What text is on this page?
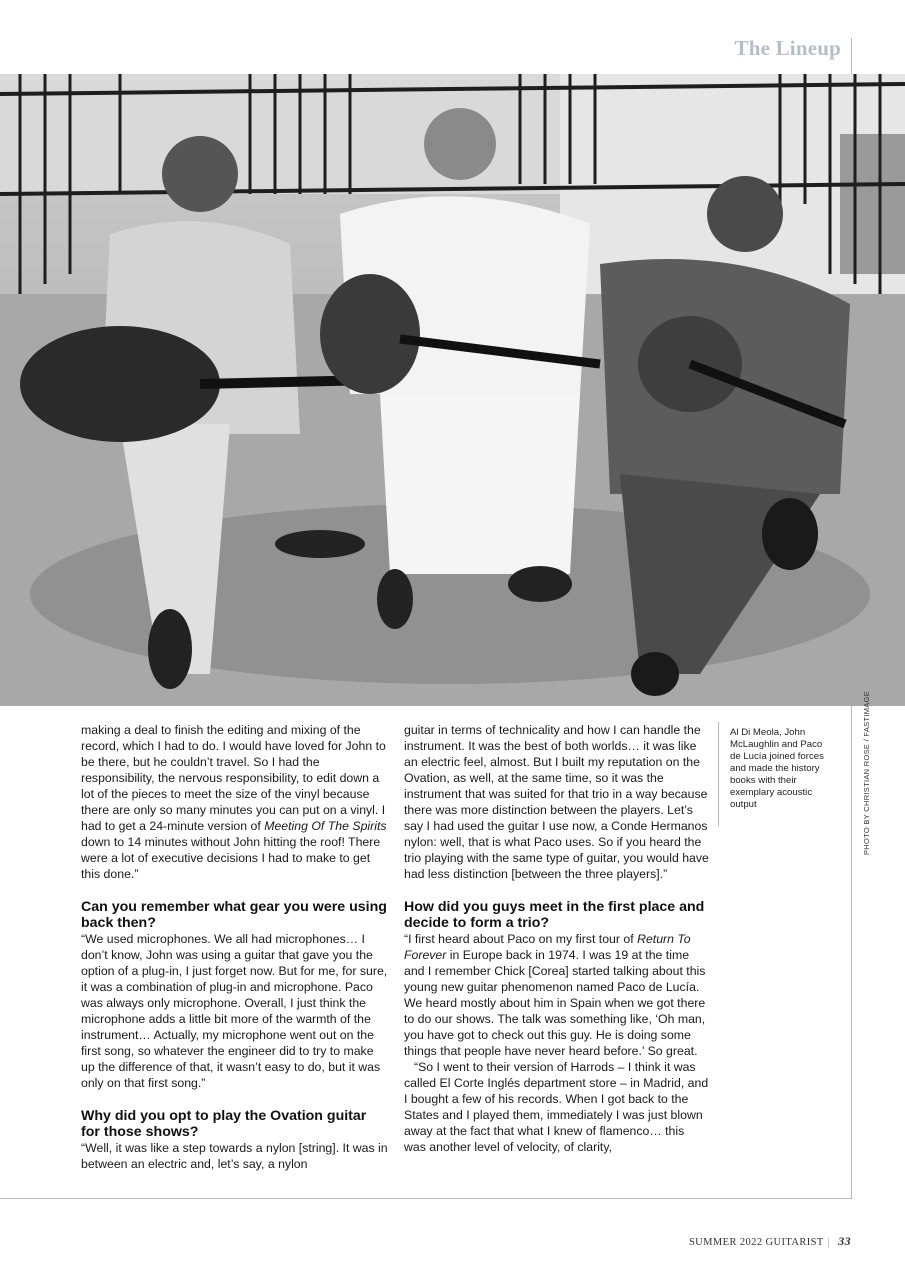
The Lineup
Al Di Meola, John McLaughlin and Paco de Lucía joined forces and made the history books with their exemplary acoustic output	PHOTO BY CHRISTIAN ROSE / FASTIMAGE

making a deal to finish the editing and mixing of the record, which I had to do. I would have loved for John to be there, but he couldn’t travel. So I had the responsibility, the nervous responsibility, to edit down a lot of the pieces to meet the size of the vinyl because there are only so many minutes you can put on a vinyl. I had to get a 24-minute version of Meeting Of The Spirits down to 14 minutes without John hitting the roof! There were a lot of executive decisions I had to make to get this done.”

Can you remember what gear you were using back then?

“We used microphones. We all had microphones… I don’t know, John was using a guitar that gave you the option of a plug-in, I just forget now. But for me, for sure, it was a combination of plug-in and microphone. Paco was always only microphone. Overall, I just think the microphone adds a little bit more of the warmth of the instrument… Actually, my microphone went out on the first song, so whatever the engineer did to try to make up the difference of that, it wasn’t easy to do, but it was only on that first song.”

Why did you opt to play the Ovation guitar for those shows?

“Well, it was like a step towards a nylon [string]. It was in between an electric and, let’s say, a nylon

guitar in terms of technicality and how I can handle the instrument. It was the best of both worlds… it was like an electric feel, almost. But I built my reputation on the Ovation, as well, at the same time, so it was the instrument that was suited for that trio in a way because there was more distinction between the players. Let’s say I had used the guitar I use now, a Conde Hermanos nylon: well, that is what Paco uses. So if you heard the trio playing with the same type of guitar, you would have had less distinction [between the three players].”

How did you guys meet in the first place and decide to form a trio?

“I first heard about Paco on my first tour of Return To Forever in Europe back in 1974. I was 19 at the time and I remember Chick [Corea] started talking about this young new guitar phenomenon named Paco de Lucía. We heard mostly about him in Spain when we got there to do our shows. The talk was something like, ‘Oh man, you have got to check out this guy. He is doing some things that people have never heard before.’ So great.

“So I went to their version of Harrods – I think it was called El Corte Inglés department store – in Madrid, and I bought a few of his records. When I got back to the States and I played them, immediately I was just blown away at the fact that what I knew of flamenco… this was another level of velocity, of clarity,

SUMMER 2022 GUITARIST | 33
